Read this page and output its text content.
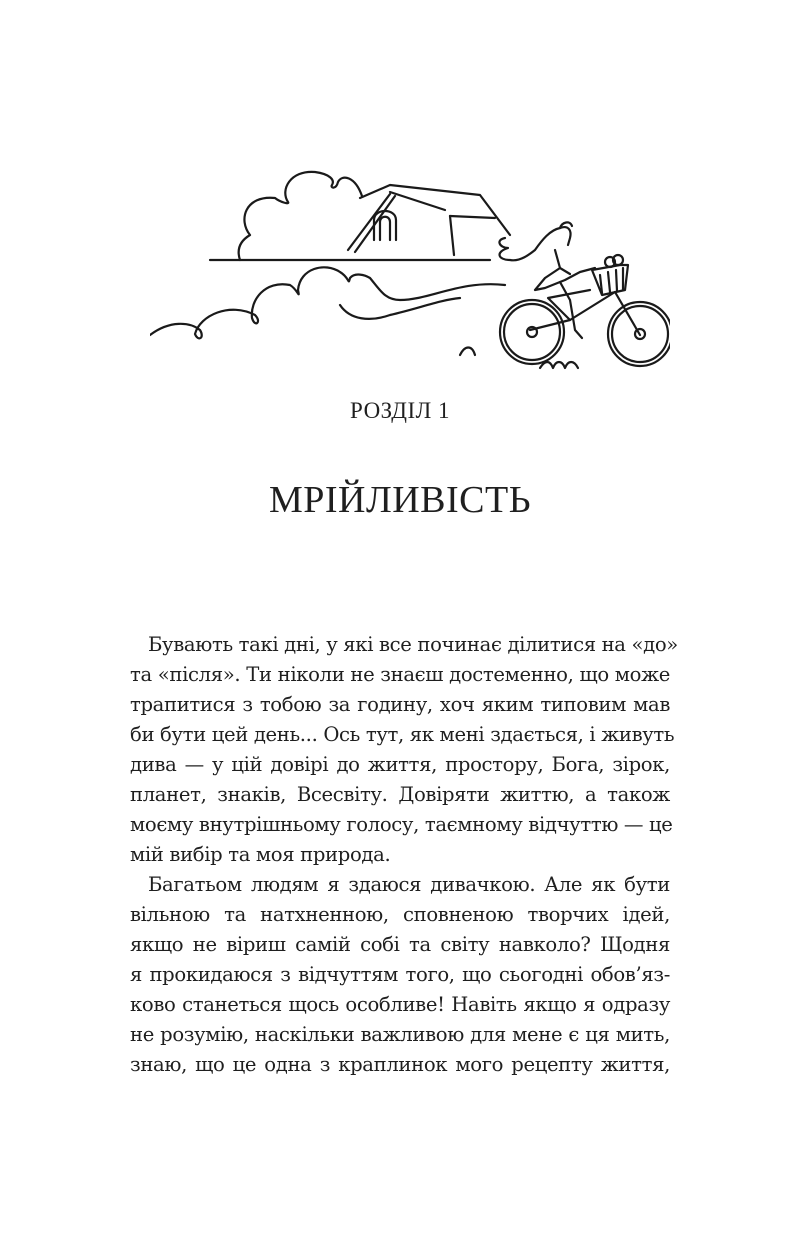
РОЗДІЛ 1
МРІЙЛИВІСТЬ
Бувають такі дні, у які все починає ділитися на «до»
та «після». Ти ніколи не знаєш достеменно, що може
трапитися з тобою за годину, хоч яким типовим мав
би бути цей день... Ось тут, як мені здається, і живуть
дива — у цій довірі до життя, простору, Бога, зірок,
планет, знаків, Всесвіту. Довіряти життю, а також
моєму внутрішньому голосу, таємному відчуттю — це
мій вибір та моя природа.
Багатьом людям я здаюся дивачкою. Але як бути
вільною та натхненною, сповненою творчих ідей,
якщо не віриш самій собі та світу навколо? Щодня
я прокидаюся з відчуттям того, що сьогодні обов’яз-
ково станеться щось особливе! Навіть якщо я одразу
не розумію, наскільки важливою для мене є ця мить,
знаю, що це одна з краплинок мого рецепту життя,
